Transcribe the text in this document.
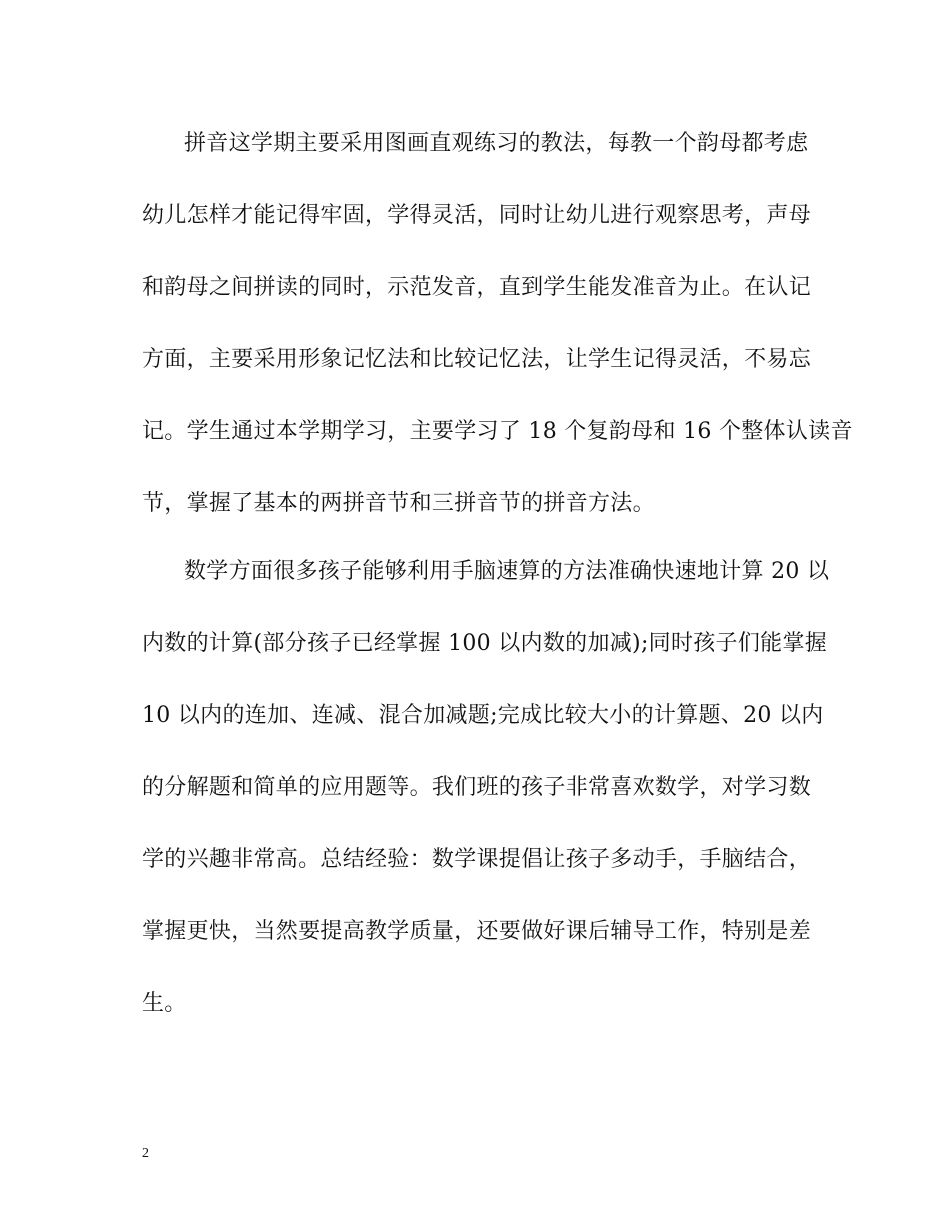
拼音这学期主要采用图画直观练习的教法，每教一个韵母都考虑
幼儿怎样才能记得牢固，学得灵活，同时让幼儿进行观察思考，声母
和韵母之间拼读的同时，示范发音，直到学生能发准音为止。在认记
方面，主要采用形象记忆法和比较记忆法，让学生记得灵活，不易忘
记。学生通过本学期学习，主要学习了 18 个复韵母和 16 个整体认读音
节，掌握了基本的两拼音节和三拼音节的拼音方法。
数学方面很多孩子能够利用手脑速算的方法准确快速地计算 20 以
内数的计算(部分孩子已经掌握 100 以内数的加减);同时孩子们能掌握
10 以内的连加、连减、混合加减题;完成比较大小的计算题、20 以内
的分解题和简单的应用题等。我们班的孩子非常喜欢数学，对学习数
学的兴趣非常高。总结经验：数学课提倡让孩子多动手，手脑结合，
掌握更快，当然要提高教学质量，还要做好课后辅导工作，特别是差
生。
2
